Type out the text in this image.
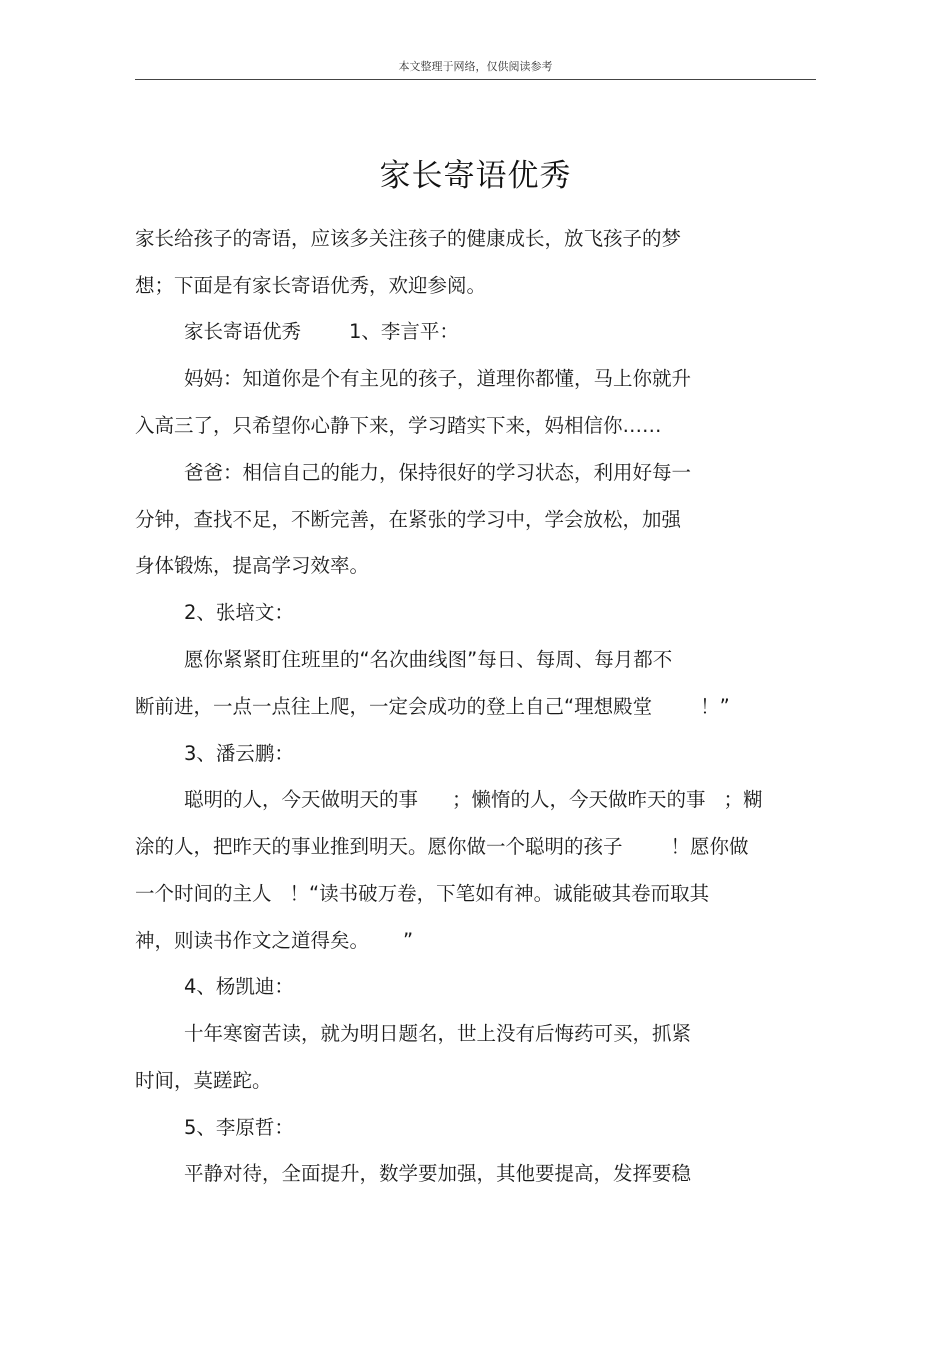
本文整理于网络，仅供阅读参考
家长寄语优秀
家长给孩子的寄语，应该多关注孩子的健康成长，放飞孩子的梦
想；下面是有家长寄语优秀，欢迎参阅。
家长寄语优秀 1、李言平：
妈妈：知道你是个有主见的孩子，道理你都懂，马上你就升
入高三了，只希望你心静下来，学习踏实下来，妈相信你……
爸爸：相信自己的能力，保持很好的学习状态，利用好每一
分钟，查找不足，不断完善，在紧张的学习中，学会放松，加强
身体锻炼，提高学习效率。
2、张培文：
愿你紧紧盯住班里的“名次曲线图”每日、每周、每月都不
断前进，一点一点往上爬，一定会成功的登上自己“理想殿堂 ！”
3、潘云鹏：
聪明的人，今天做明天的事 ；懒惰的人，今天做昨天的事 ；糊
涂的人，把昨天的事业推到明天。愿你做一个聪明的孩子 ！愿你做
一个时间的主人 ！“读书破万卷，下笔如有神。诚能破其卷而取其
神，则读书作文之道得矣。 ”
4、杨凯迪：
十年寒窗苦读，就为明日题名，世上没有后悔药可买，抓紧
时间，莫蹉跎。
5、李原哲：
平静对待，全面提升，数学要加强，其他要提高，发挥要稳
